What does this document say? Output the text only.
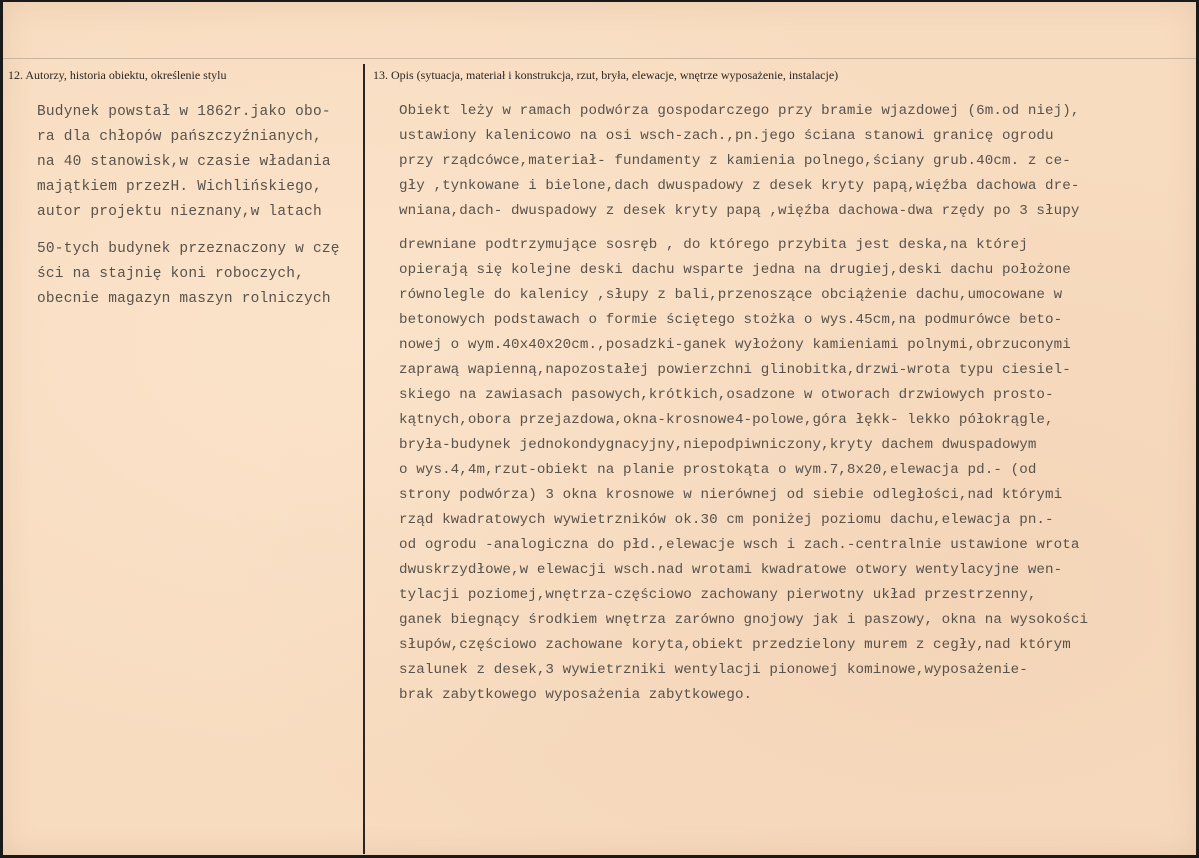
12. Autorzy, historia obiektu, określenie stylu	13. Opis (sytuacja, materiał i konstrukcja, rzut, bryła, elewacje, wnętrze wyposażenie, instalacje)
Budynek powstał w 1862r.jako obo-
ra dla chłopów pańszczyźnianych,
na 40 stanowisk,w czasie władania
majątkiem przezH. Wichlińskiego,
autor projektu nieznany,w latach
50-tych budynek przeznaczony w czę
ści na stajnię koni roboczych,
obecnie magazyn maszyn rolniczych
Obiekt leży w ramach podwórza gospodarczego przy bramie wjazdowej (6m.od niej),
ustawiony kalenicowo na osi wsch-zach.,pn.jego ściana stanowi granicę ogrodu
przy rządcówce,materiał- fundamenty z kamienia polnego,ściany grub.40cm. z ce-
gły ,tynkowane i bielone,dach dwuspadowy z desek kryty papą,więźba dachowa dre-
wniana,dach- dwuspadowy z desek kryty papą ,więźba dachowa-dwa rzędy po 3 słupy
drewniane podtrzymujące sosręb , do którego przybita jest deska,na której
opierają się kolejne deski dachu wsparte jedna na drugiej,deski dachu położone
równolegle do kalenicy ,słupy z bali,przenoszące obciążenie dachu,umocowane w
betonowych podstawach o formie ściętego stożka o wys.45cm,na podmurówce beto-
nowej o wym.40x40x20cm.,posadzki-ganek wyłożony kamieniami polnymi,obrzuconymi
zaprawą wapienną,napozostałej powierzchni glinobitka,drzwi-wrota typu ciesiel-
skiego na zawiasach pasowych,krótkich,osadzone w otworach drzwiowych prosto-
kątnych,obora przejazdowa,okna-krosnowe4-polowe,góra łękk- lekko półokrągle,
bryła-budynek jednokondygnacyjny,niepodpiwniczony,kryty dachem dwuspadowym
o wys.4,4m,rzut-obiekt na planie prostokąta o wym.7,8x20,elewacja pd.- (od
strony podwórza) 3 okna krosnowe w nierównej od siebie odległości,nad którymi
rząd kwadratowych wywietrzników ok.30 cm poniżej poziomu dachu,elewacja pn.-
od ogrodu -analogiczna do płd.,elewacje wsch i zach.-centralnie ustawione wrota
dwuskrzydłowe,w elewacji wsch.nad wrotami kwadratowe otwory wentylacyjne wen-
tylacji poziomej,wnętrza-częściowo zachowany pierwotny układ przestrzenny,
ganek biegnący środkiem wnętrza zarówno gnojowy jak i paszowy, okna na wysokości
słupów,częściowo zachowane koryta,obiekt przedzielony murem z cegły,nad którym
szalunek z desek,3 wywietrzniki wentylacji pionowej kominowe,wyposażenie-
brak zabytkowego wyposażenia zabytkowego.
